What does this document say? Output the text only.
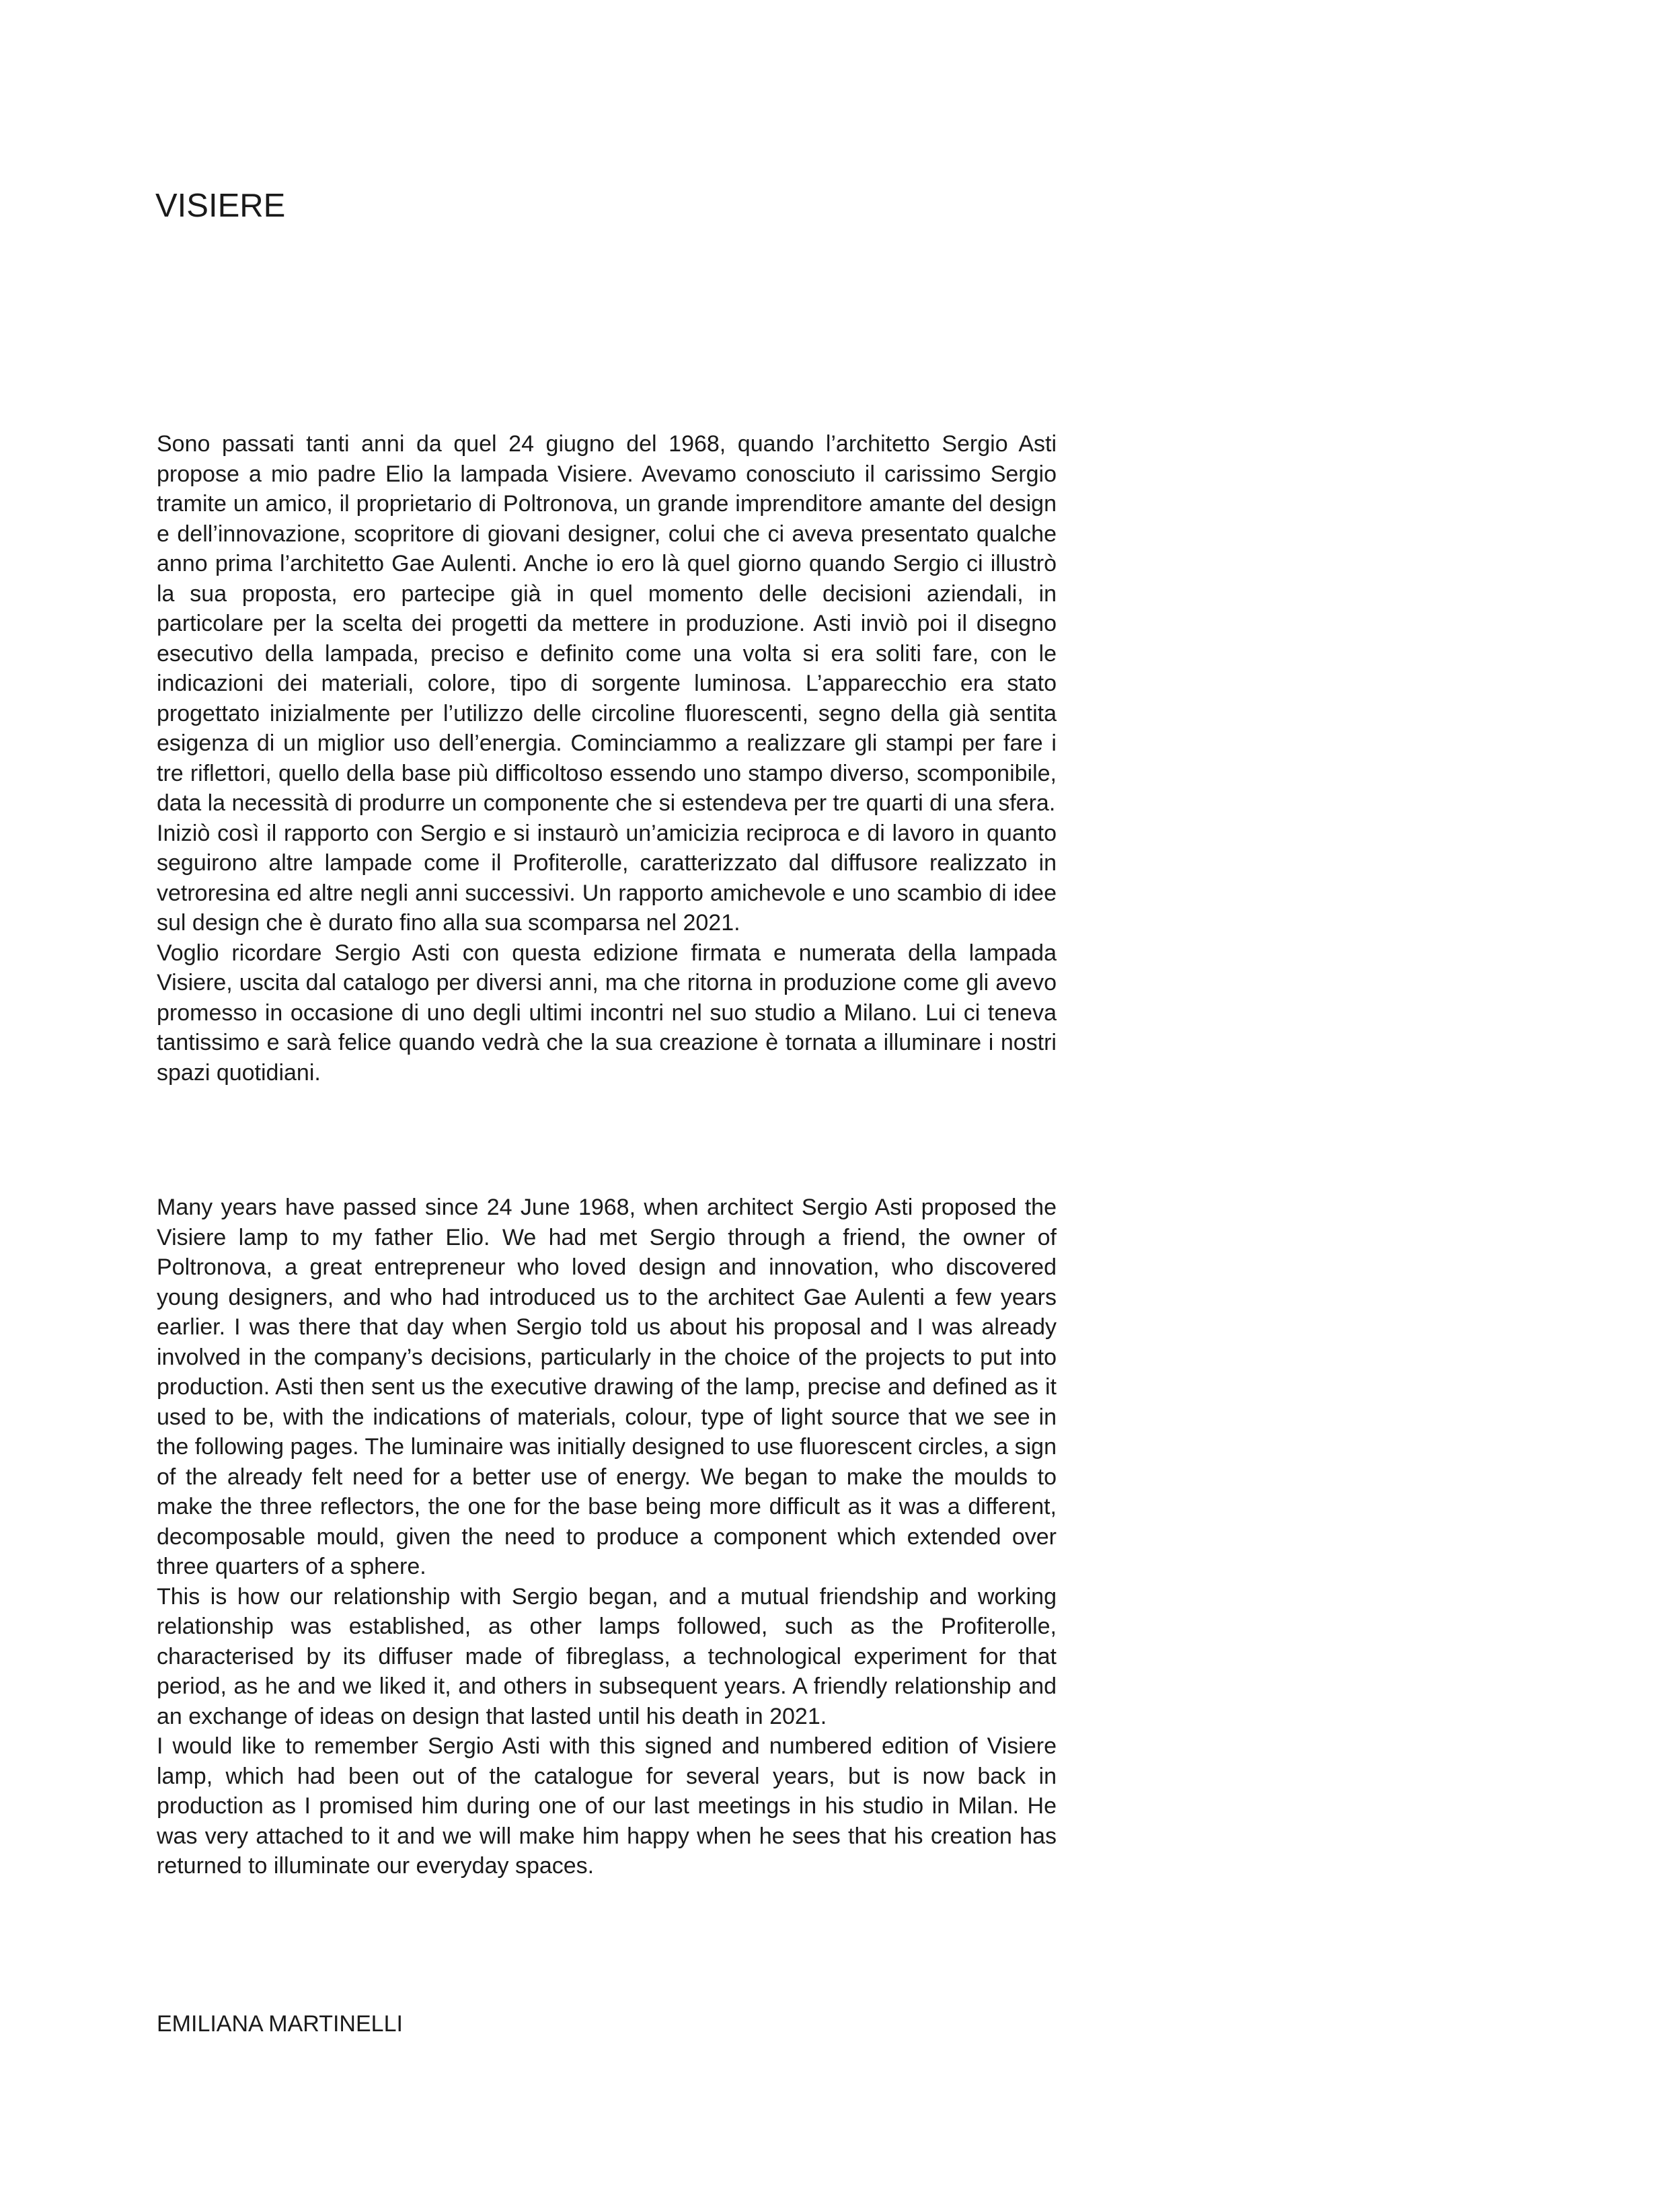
VISIERE

Sono passati tanti anni da quel 24 giugno del 1968, quando l’architetto Sergio Asti propose a mio padre Elio la lampada Visiere. Avevamo conosciuto il carissimo Sergio tramite un amico, il proprietario di Poltronova, un grande imprenditore amante del design e dell’innovazione, scopritore di giovani designer, colui che ci aveva presentato qualche anno prima l’architetto Gae Aulenti. Anche io ero là quel giorno quando Sergio ci illustrò la sua proposta, ero partecipe già in quel momento delle decisioni aziendali, in particolare per la scelta dei progetti da mettere in produzione. Asti inviò poi il disegno esecutivo della lampada, preciso e definito come una volta si era soliti fare, con le indicazioni dei materiali, colore, tipo di sorgente luminosa. L’apparecchio era stato progettato inizialmente per l’utilizzo delle circoline fluorescenti, segno della già sentita esigenza di un miglior uso dell’energia. Cominciammo a realizzare gli stampi per fare i tre riflettori, quello della base più difficoltoso essendo uno stampo diverso, scomponibile, data la necessità di produrre un componente che si estendeva per tre quarti di una sfera.

Iniziò così il rapporto con Sergio e si instaurò un’amicizia reciproca e di lavoro in quanto seguirono altre lampade come il Profiterolle, caratterizzato dal diffusore realizzato in vetroresina ed altre negli anni successivi. Un rapporto amichevole e uno scambio di idee sul design che è durato fino alla sua scomparsa nel 2021.

Voglio ricordare Sergio Asti con questa edizione firmata e numerata della lampada Visiere, uscita dal catalogo per diversi anni, ma che ritorna in produzione come gli avevo promesso in occasione di uno degli ultimi incontri nel suo studio a Milano. Lui ci teneva tantissimo e sarà felice quando vedrà che la sua creazione è tornata a illuminare i nostri spazi quotidiani.

Many years have passed since 24 June 1968, when architect Sergio Asti proposed the Visiere lamp to my father Elio. We had met Sergio through a friend, the owner of Poltronova, a great entrepreneur who loved design and innovation, who discovered young designers, and who had introduced us to the architect Gae Aulenti a few years earlier. I was there that day when Sergio told us about his proposal and I was already involved in the company’s decisions, particularly in the choice of the projects to put into production. Asti then sent us the executive drawing of the lamp, precise and defined as it used to be, with the indications of materials, colour, type of light source that we see in the following pages. The luminaire was initially designed to use fluorescent circles, a sign of the already felt need for a better use of energy. We began to make the moulds to make the three reflectors, the one for the base being more difficult as it was a different, decomposable mould, given the need to produce a component which extended over three quarters of a sphere.

This is how our relationship with Sergio began, and a mutual friendship and working relationship was established, as other lamps followed, such as the Profiterolle, characterised by its diffuser made of fibreglass, a technological experiment for that period, as he and we liked it, and others in subsequent years. A friendly relationship and an exchange of ideas on design that lasted until his death in 2021.

I would like to remember Sergio Asti with this signed and numbered edition of Visiere lamp, which had been out of the catalogue for several years, but is now back in production as I promised him during one of our last meetings in his studio in Milan. He was very attached to it and we will make him happy when he sees that his creation has returned to illuminate our everyday spaces.

EMILIANA MARTINELLI
